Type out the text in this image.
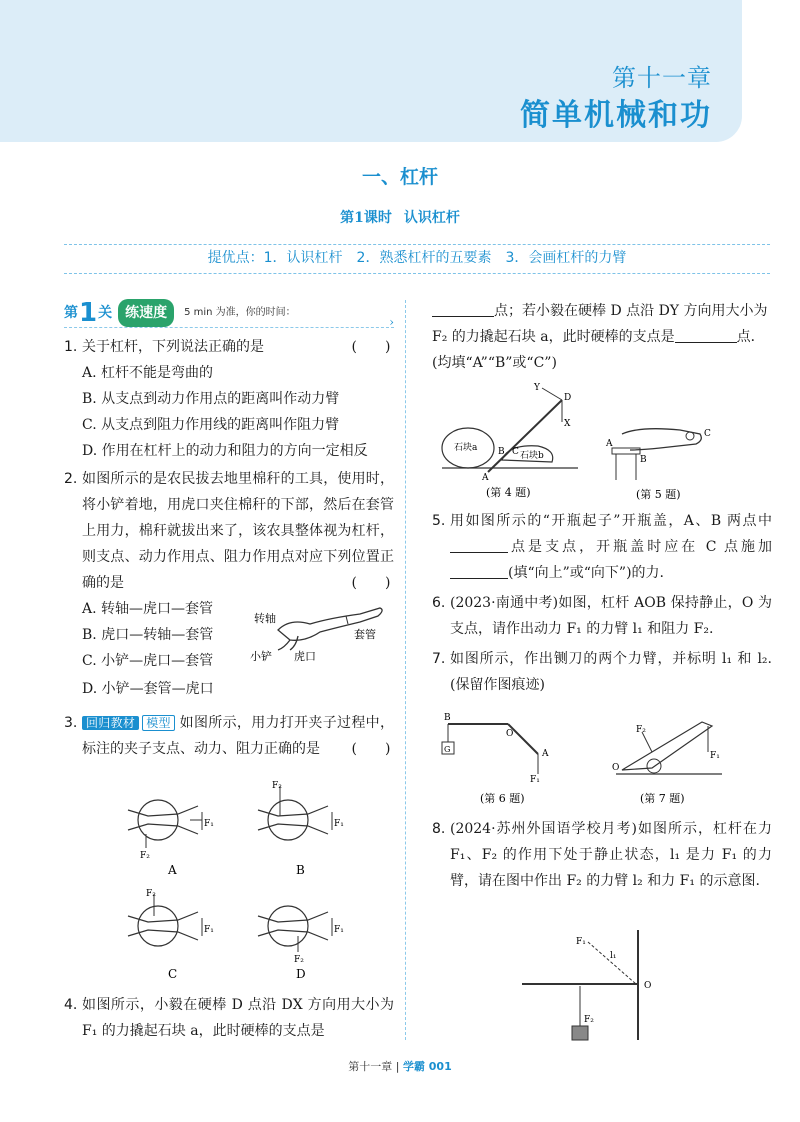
第十一章
简单机械和功
一、杠杆
第1课时 认识杠杆
提优点：1．认识杠杆　2．熟悉杠杆的五要素　3．会画杠杆的力臂
第 1 关 练速度	5 min 为准，你的时间：
›
1. 关于杠杆，下列说法正确的是	(　　)
A. 杠杆不能是弯曲的
B. 从支点到动力作用点的距离叫作动力臂
C. 从支点到阻力作用线的距离叫作阻力臂
D. 作用在杠杆上的动力和阻力的方向一定相反
2. 如图所示的是农民拔去地里棉秆的工具，使用时，将小铲着地，用虎口夹住棉秆的下部，然后在套管上用力，棉秆就拔出来了，该农具整体视为杠杆，则支点、动力作用点、阻力作用点对应下列位置正确的是	(　　)
A. 转轴—虎口—套管
B. 虎口—转轴—套管
C. 小铲—虎口—套管
D. 小铲—套管—虎口
转轴
套管
虎口
小铲
3. 回归教材 模型 如图所示，用力打开夹子过程中，标注的夹子支点、动力、阻力正确的是 (　　)
F₁
F₂
A
F₂
F₁
B
F₂
F₁
C
F₂
F₁
D
4. 如图所示，小毅在硬棒 D 点沿 DX 方向用大小为 F₁ 的力撬起石块 a，此时硬棒的支点是
点；若小毅在硬棒 D 点沿 DY 方向用大小为 F₂ 的力撬起石块 a，此时硬棒的支点是	点．(均填“A”“B”或“C”)
Y
D
X
石块a B C 石块b
A
(第 4 题)
A
B
C
(第 5 题)
5. 用如图所示的“开瓶起子”开瓶盖，A、B 两点中点是支点，开瓶盖时应在 C 点施加(填“向上”或“向下”)的力.
6. (2023·南通中考)如图，杠杆 AOB 保持静止，O 为支点，请作出动力 F₁ 的力臂 l₁ 和阻力 F₂.
7. 如图所示，作出铡刀的两个力臂，并标明 l₁ 和 l₂.(保留作图痕迹)
B
O
A
G
F₁
(第 6 题)
F₂
O
F₁
(第 7 题)
8. (2024·苏州外国语学校月考)如图所示，杠杆在力 F₁、F₂ 的作用下处于静止状态，l₁ 是力 F₁ 的力臂，请在图中作出 F₂ 的力臂 l₂ 和力 F₁ 的示意图.
F₁
l₁
O
F₂
第十一章 | 学霸 001
